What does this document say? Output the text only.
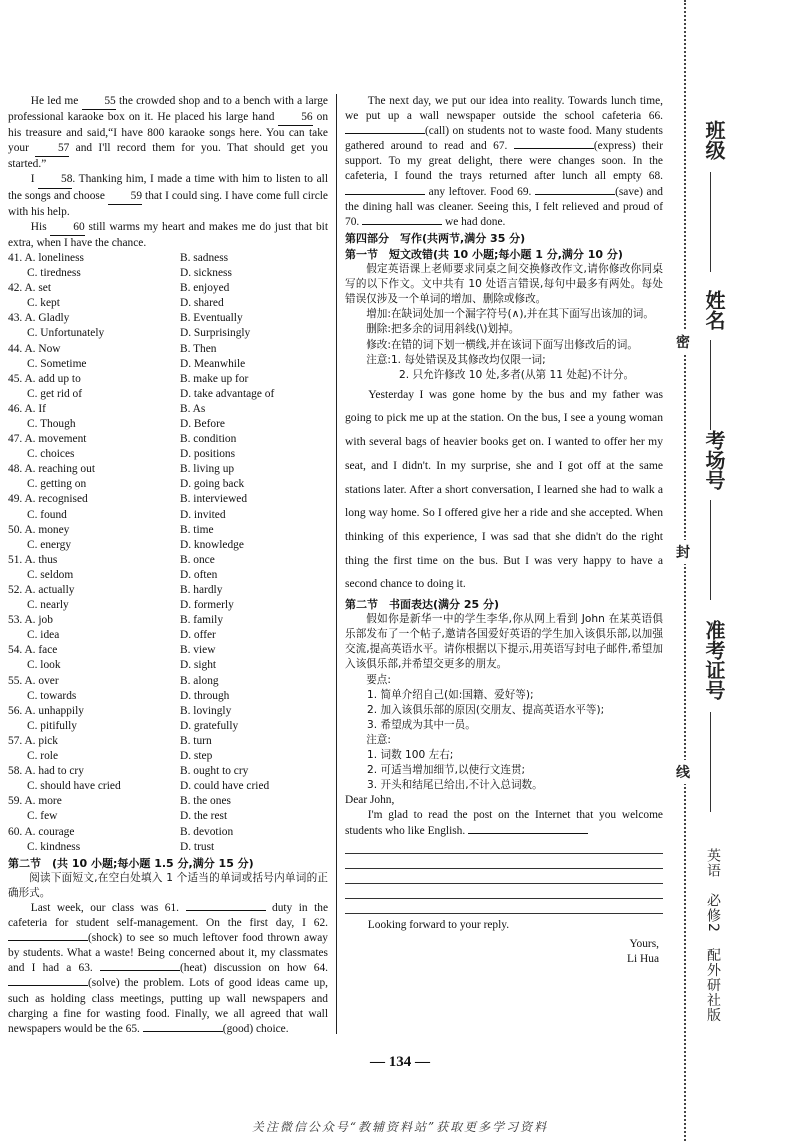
He led me 55 the crowded shop and to a bench with a large professional karaoke box on it. He placed his large hand 56 on his treasure and said,“I have 800 karaoke songs here. You can take your	57 and I'll record them for you. That should get you started.”

I 58. Thanking him, I made a time with him to listen to all the songs and choose 59 that I could sing. I have come full circle with his help.

His 60 still warms my heart and makes me do just that bit extra, when I have the chance.

41. A. loneliness	B. sadness
C. tiredness	D. sickness
42. A. set	B. enjoyed
C. kept	D. shared
43. A. Gladly	B. Eventually
C. Unfortunately	D. Surprisingly
44. A. Now	B. Then
C. Sometime	D. Meanwhile
45. A. add up to	B. make up for
C. get rid of	D. take advantage of
46. A. If	B. As
C. Though	D. Before
47. A. movement	B. condition
C. choices	D. positions
48. A. reaching out	B. living up
C. getting on	D. going back
49. A. recognised	B. interviewed
C. found	D. invited
50. A. money	B. time
C. energy	D. knowledge
51. A. thus	B. once
C. seldom	D. often
52. A. actually	B. hardly
C. nearly	D. formerly
53. A. job	B. family
C. idea	D. offer
54. A. face	B. view
C. look	D. sight
55. A. over	B. along
C. towards	D. through
56. A. unhappily	B. lovingly
C. pitifully	D. gratefully
57. A. pick	B. turn
C. role	D. step
58. A. had to cry	B. ought to cry
C. should have cried	D. could have cried
59. A. more	B. the ones
C. few	D. the rest
60. A. courage	B. devotion
C. kindness	D. trust
第二节　(共 10 小题;每小题 1.5 分,满分 15 分)

阅读下面短文,在空白处填入 1 个适当的单词或括号内单词的正确形式。

Last week, our class was 61.	duty in the cafeteria for student self-management. On the first day, I 62. (shock) to see so much leftover food thrown away by students. What a waste! Being concerned about it, my classmates and I had a 63.	(heat) discussion on how 64. (solve) the problem. Lots of good ideas came up, such as holding class meetings, putting up wall newspapers and charging a fine for wasting food. Finally, we all agreed that wall newspapers would be the 65.	(good) choice.

The next day, we put our idea into reality. Towards lunch time, we put up a wall newspaper outside the school cafeteria 66. (call) on students not to waste food. Many students gathered around to read and 67.	(express) their support. To my great delight, there were changes soon. In the cafeteria, I found the trays returned after lunch all empty 68.  any leftover. Food 69.	(save) and the dining hall was cleaner. Seeing this, I felt relieved and proud of 70.	we had done.

第四部分　写作(共两节,满分 35 分)
第一节　短文改错(共 10 小题;每小题 1 分,满分 10 分)

假定英语课上老师要求同桌之间交换修改作文,请你修改你同桌写的以下作文。文中共有 10 处语言错误,每句中最多有两处。每处错误仅涉及一个单词的增加、删除或修改。

增加:在缺词处加一个漏字符号(∧),并在其下面写出该加的词。

删除:把多余的词用斜线(\)划掉。

修改:在错的词下划一横线,并在该词下面写出修改后的词。

注意:1. 每处错误及其修改均仅限一词;

2. 只允许修改 10 处,多者(从第 11 处起)不计分。

Yesterday I was gone home by the bus and my father was going to pick me up at the station. On the bus, I see a young woman with several bags of heavier books get on. I wanted to offer her my seat, and I didn't. In my surprise, she and I got off at the same stations later. After a short conversation, I learned she had to walk a long way home. So I offered give her a ride and she accepted. When thinking of this experience, I was sad that she didn't do the right thing the first time on the bus. But I was very happy to have a second chance to doing it.

第二节　书面表达(满分 25 分)

假如你是新华一中的学生李华,你从网上看到 John 在某英语俱乐部发布了一个帖子,邀请各国爱好英语的学生加入该俱乐部,以加强交流,提高英语水平。请你根据以下提示,用英语写封电子邮件,希望加入该俱乐部,并希望交更多的朋友。

要点:

1. 简单介绍自己(如:国籍、爱好等);
2. 加入该俱乐部的原因(交朋友、提高英语水平等);
3. 希望成为其中一员。

注意:

1. 词数 100 左右;
2. 可适当增加细节,以使行文连贯;
3. 开头和结尾已给出,不计入总词数。

Dear John,

I'm glad to read the post on the Internet that you welcome students who like English.

Looking forward to your reply.

Yours,

Li Hua

— 134 —
关注微信公众号“教辅资料站”获取更多学习资料
班级
姓名
密
考场号
封
准考证号
线
英语　必修2　配外研社版
